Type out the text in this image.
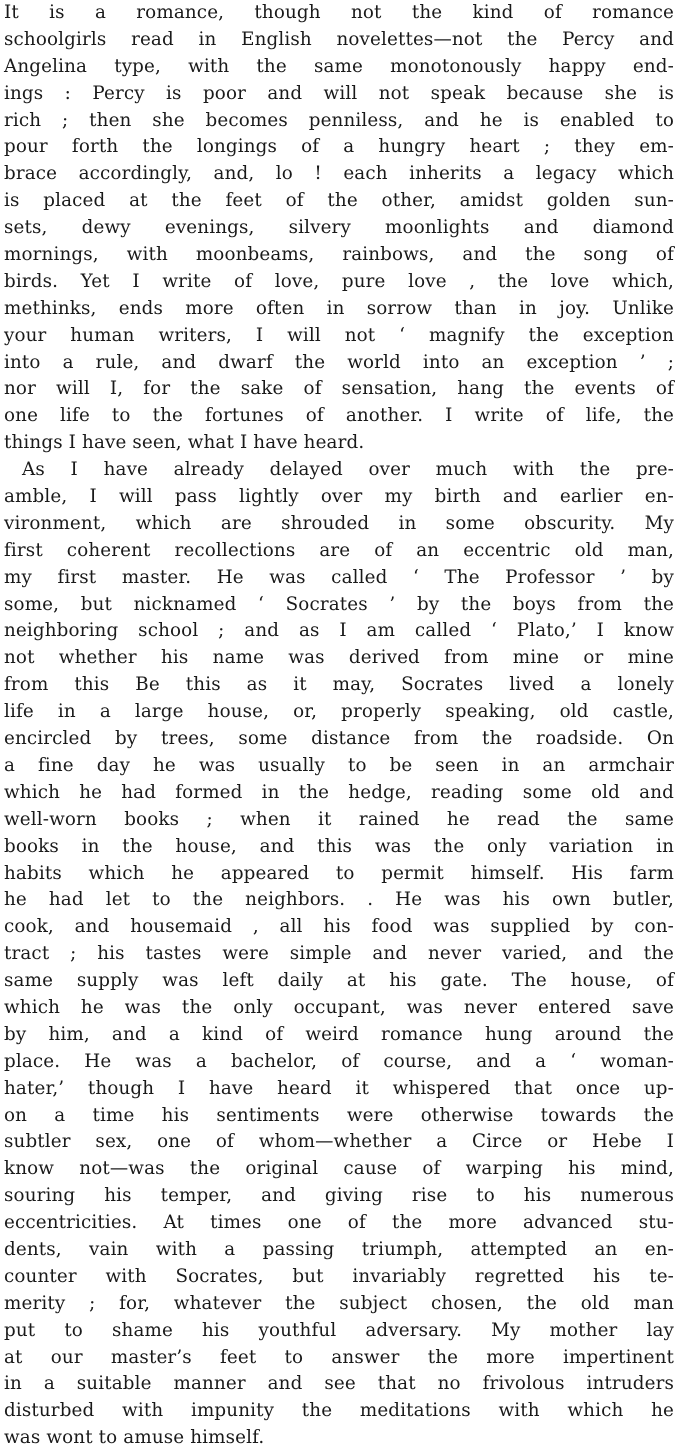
It is a romance, though not the kind of romance
schoolgirls read in English novelettes—not the Percy and
Angelina type, with the same monotonously happy end-
ings : Percy is poor and will not speak because she is
rich ; then she becomes penniless, and he is enabled to
pour forth the longings of a hungry heart ; they em-
brace accordingly, and, lo ! each inherits a legacy which
is placed at the feet of the other, amidst golden sun-
sets, dewy evenings, silvery moonlights and diamond
mornings, with moonbeams, rainbows, and the song of
birds. Yet I write of love, pure love , the love which,
methinks, ends more often in sorrow than in joy. Unlike
your human writers, I will not ‘ magnify the exception
into a rule, and dwarf the world into an exception ’ ;
nor will I, for the sake of sensation, hang the events of
one life to the fortunes of another. I write of life, the
things I have seen, what I have heard.
As I have already delayed over much with the pre-
amble, I will pass lightly over my birth and earlier en-
vironment, which are shrouded in some obscurity. My
first coherent recollections are of an eccentric old man,
my first master. He was called ‘ The Professor ’ by
some, but nicknamed ‘ Socrates ’ by the boys from the
neighboring school ; and as I am called ‘ Plato,’ I know
not whether his name was derived from mine or mine
from this Be this as it may, Socrates lived a lonely
life in a large house, or, properly speaking, old castle,
encircled by trees, some distance from the roadside. On
a fine day he was usually to be seen in an armchair
which he had formed in the hedge, reading some old and
well-worn books ; when it rained he read the same
books in the house, and this was the only variation in
habits which he appeared to permit himself. His farm
he had let to the neighbors. . He was his own butler,
cook, and housemaid , all his food was supplied by con-
tract ; his tastes were simple and never varied, and the
same supply was left daily at his gate. The house, of
which he was the only occupant, was never entered save
by him, and a kind of weird romance hung around the
place. He was a bachelor, of course, and a ‘ woman-
hater,’ though I have heard it whispered that once up-
on a time his sentiments were otherwise towards the
subtler sex, one of whom—whether a Circe or Hebe I
know not—was the original cause of warping his mind,
souring his temper, and giving rise to his numerous
eccentricities. At times one of the more advanced stu-
dents, vain with a passing triumph, attempted an en-
counter with Socrates, but invariably regretted his te-
merity ; for, whatever the subject chosen, the old man
put to shame his youthful adversary. My mother lay
at our master’s feet to answer the more impertinent
in a suitable manner and see that no frivolous intruders
disturbed with impunity the meditations with which he
was wont to amuse himself.
